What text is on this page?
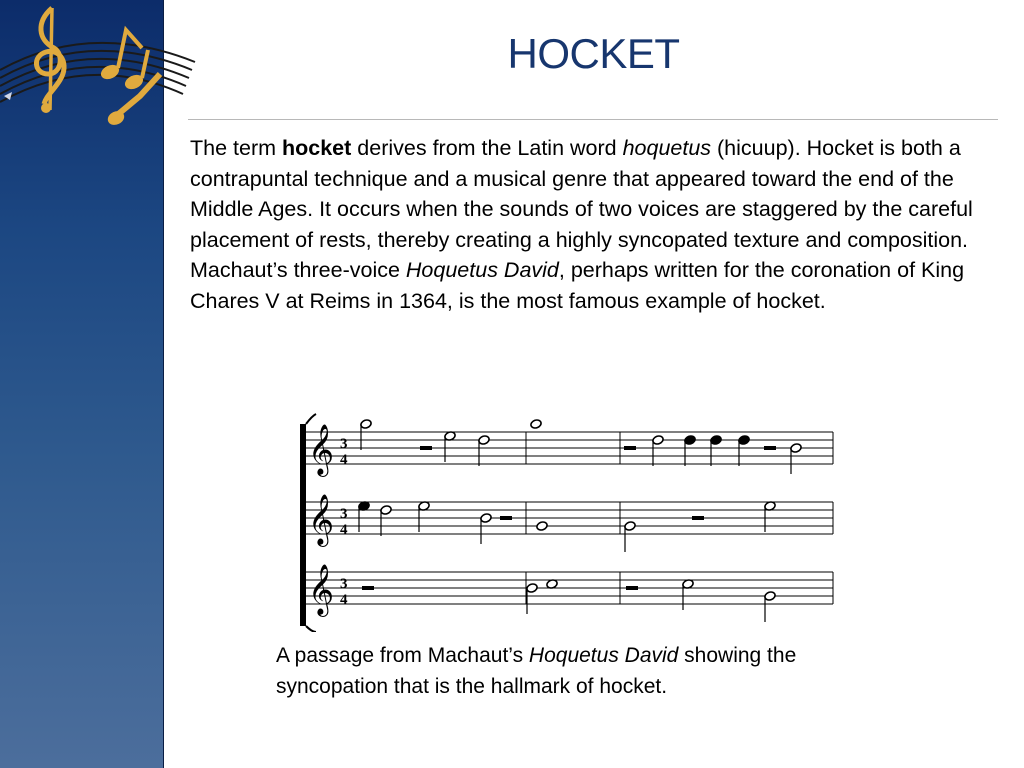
HOCKET
The term hocket derives from the Latin word hoquetus (hicuup). Hocket is both a contrapuntal technique and a musical genre that appeared toward the end of the Middle Ages. It occurs when the sounds of two voices are staggered by the careful placement of rests, thereby creating a highly syncopated texture and composition. Machaut’s three-voice Hoquetus David, perhaps written for the coronation of King Chares V at Reims in 1364, is the most famous example of hocket.
𝄞
𝄞
𝄞
3
4
3
4
3
4
A passage from Machaut’s Hoquetus David showing the syncopation that is the hallmark of hocket.
